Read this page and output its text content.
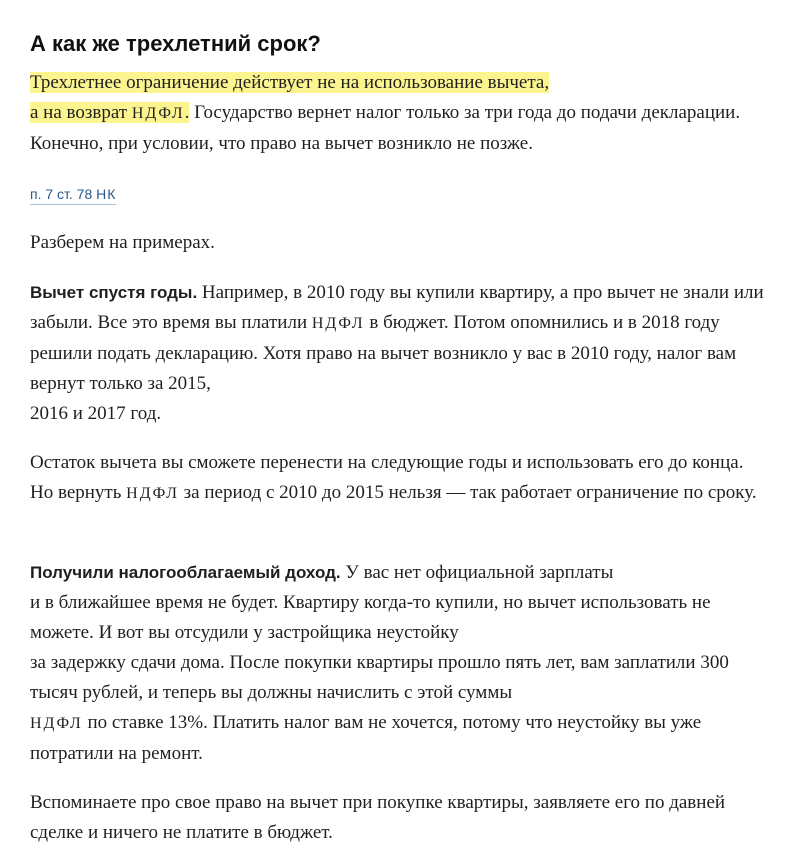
А как же трехлетний срок?

Трехлетнее ограничение действует не на использование вычета,
а на возврат НДФЛ. Государство вернет налог только за три года до подачи декларации. Конечно, при условии, что право на вычет возникло не позже.

п. 7 ст. 78 НК

Разберем на примерах.

Вычет спустя годы. Например, в 2010 году вы купили квартиру, а про вычет не знали или забыли. Все это время вы платили НДФЛ в бюджет. Потом опомнились и в 2018 году решили подать декларацию. Хотя право на вычет возникло у вас в 2010 году, налог вам вернут только за 2015,
2016 и 2017 год.

Остаток вычета вы сможете перенести на следующие годы и использовать его до конца. Но вернуть НДФЛ за период с 2010 до 2015 нельзя — так работает ограничение по сроку.

Получили налогооблагаемый доход. У вас нет официальной зарплаты
и в ближайшее время не будет. Квартиру когда-то купили, но вычет использовать не можете. И вот вы отсудили у застройщика неустойку
за задержку сдачи дома. После покупки квартиры прошло пять лет, вам заплатили 300 тысяч рублей, и теперь вы должны начислить с этой суммы
НДФЛ по ставке 13%. Платить налог вам не хочется, потому что неустойку вы уже потратили на ремонт.

Вспоминаете про свое право на вычет при покупке квартиры, заявляете его по давней сделке и ничего не платите в бюджет.
